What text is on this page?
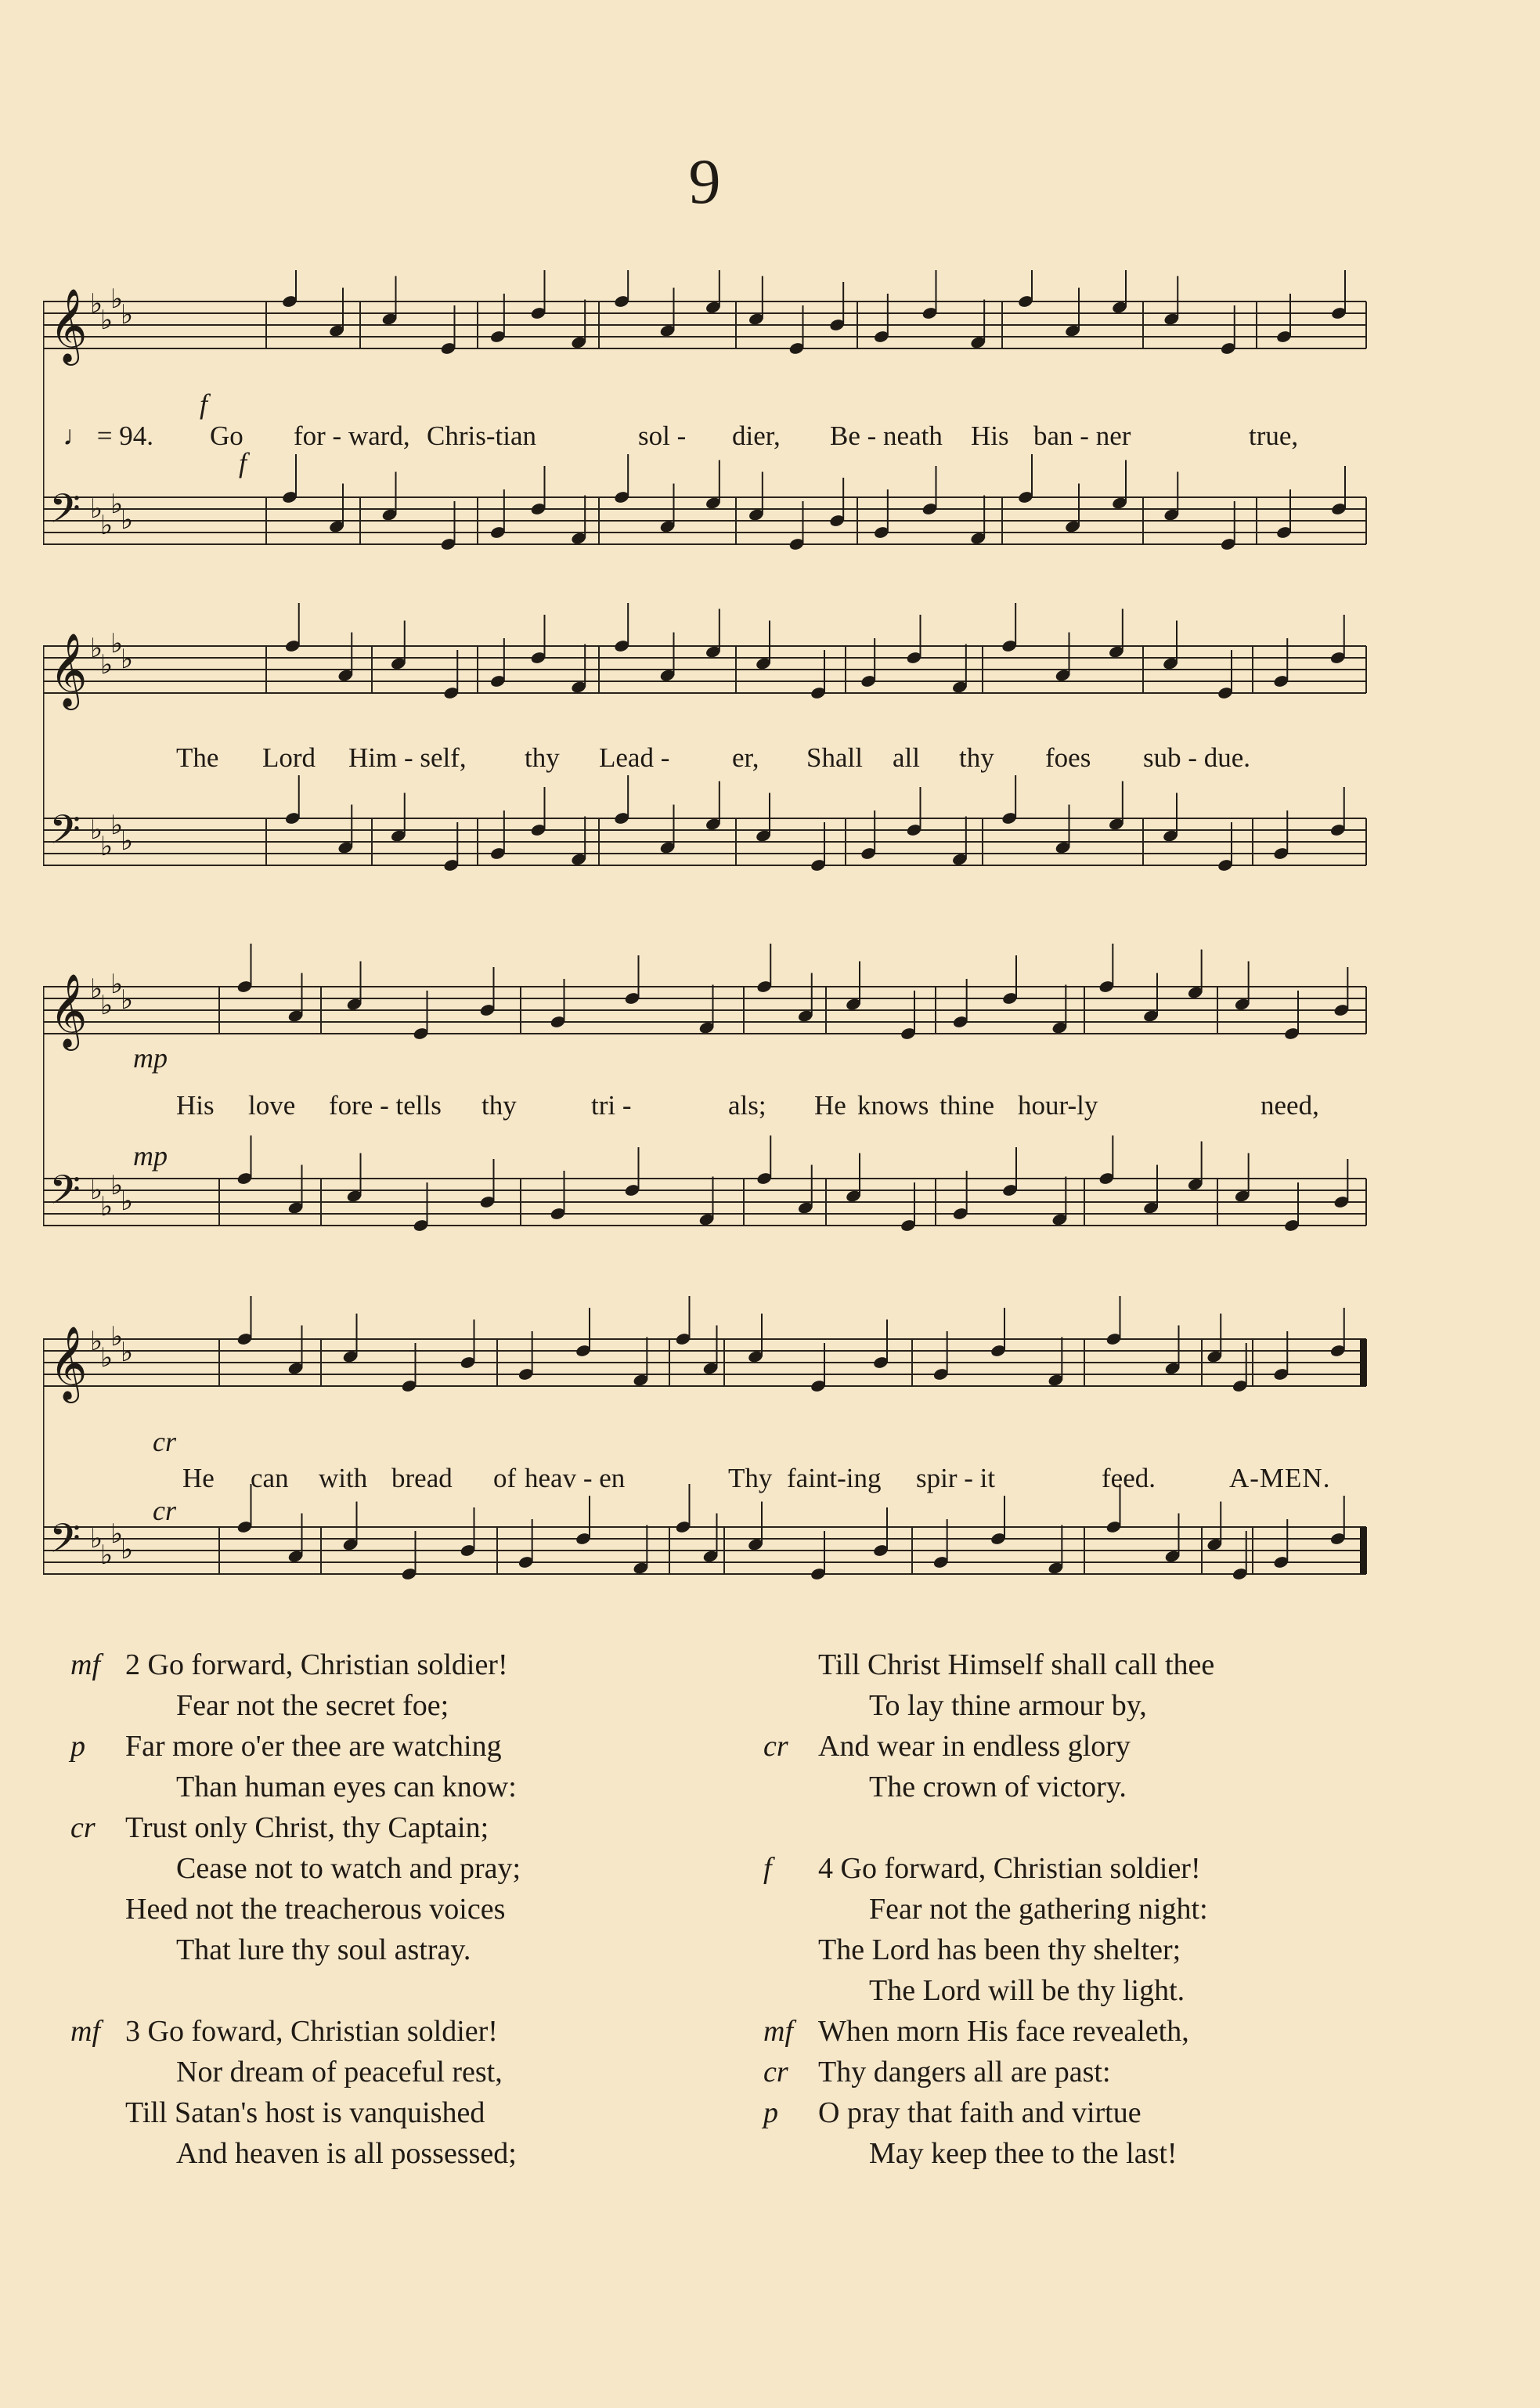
9
𝄞 ♭
♭
♭
♭
𝄢 ♭
♭
♭
♭
f
♩ = 94. Go for - ward, Chris-tian	sol - dier, Be - neath His ban - ner	true,
f
𝄞 ♭
♭
♭
♭
𝄢 ♭
♭
♭
♭
The Lord Him - self, thy Lead - er, Shall all thy foes sub - due.
𝄞 ♭
♭
♭
♭
𝄢 ♭
♭
♭
♭
mp
His love fore - tells thy	tri -	als; He knows thine hour-ly	need,
mp
𝄞 ♭
♭
♭
♭
𝄢 ♭
♭
♭
♭
cr
He can with bread of heav - en	Thy faint-ing spir - it	feed.	A-MEN.
cr
mf 2 Go forward, Christian soldier!
Fear not the secret foe;
p Far more o'er thee are watching
Than human eyes can know:
cr Trust only Christ, thy Captain;
Cease not to watch and pray;
Heed not the treacherous voices
That lure thy soul astray.
mf 3 Go foward, Christian soldier!
Nor dream of peaceful rest,
Till Satan's host is vanquished
And heaven is all possessed;
Till Christ Himself shall call thee
To lay thine armour by,
cr And wear in endless glory
The crown of victory.
f 4 Go forward, Christian soldier!
Fear not the gathering night:
The Lord has been thy shelter;
The Lord will be thy light.
mf When morn His face revealeth,
cr Thy dangers all are past:
p O pray that faith and virtue
May keep thee to the last!
